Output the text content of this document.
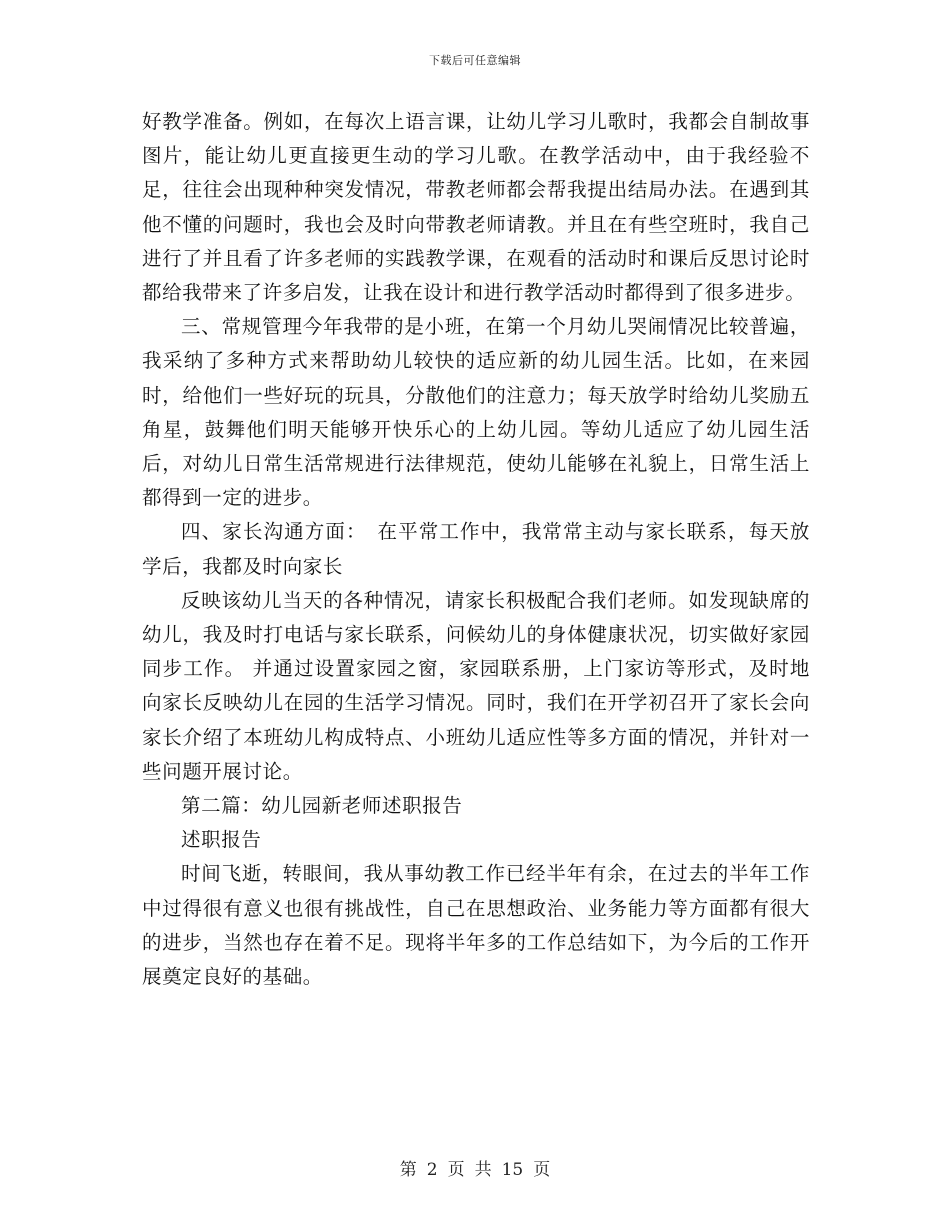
下载后可任意编辑

好教学准备。例如，在每次上语言课，让幼儿学习儿歌时，我都会自制故事图片，能让幼儿更直接更生动的学习儿歌。在教学活动中，由于我经验不足，往往会出现种种突发情况，带教老师都会帮我提出结局办法。在遇到其他不懂的问题时，我也会及时向带教老师请教。并且在有些空班时，我自己进行了并且看了许多老师的实践教学课，在观看的活动时和课后反思讨论时都给我带来了许多启发，让我在设计和进行教学活动时都得到了很多进步。

三、常规管理今年我带的是小班，在第一个月幼儿哭闹情况比较普遍，我采纳了多种方式来帮助幼儿较快的适应新的幼儿园生活。比如，在来园时，给他们一些好玩的玩具，分散他们的注意力；每天放学时给幼儿奖励五角星，鼓舞他们明天能够开快乐心的上幼儿园。等幼儿适应了幼儿园生活后，对幼儿日常生活常规进行法律规范，使幼儿能够在礼貌上，日常生活上都得到一定的进步。

四、家长沟通方面：　在平常工作中，我常常主动与家长联系，每天放学后，我都及时向家长

反映该幼儿当天的各种情况，请家长积极配合我们老师。如发现缺席的幼儿，我及时打电话与家长联系，问候幼儿的身体健康状况，切实做好家园同步工作。 并通过设置家园之窗，家园联系册，上门家访等形式，及时地向家长反映幼儿在园的生活学习情况。同时，我们在开学初召开了家长会向家长介绍了本班幼儿构成特点、小班幼儿适应性等多方面的情况，并针对一些问题开展讨论。

第二篇：幼儿园新老师述职报告

述职报告

时间飞逝，转眼间，我从事幼教工作已经半年有余，在过去的半年工作中过得很有意义也很有挑战性，自己在思想政治、业务能力等方面都有很大的进步，当然也存在着不足。现将半年多的工作总结如下，为今后的工作开展奠定良好的基础。

第 2 页 共 15 页
